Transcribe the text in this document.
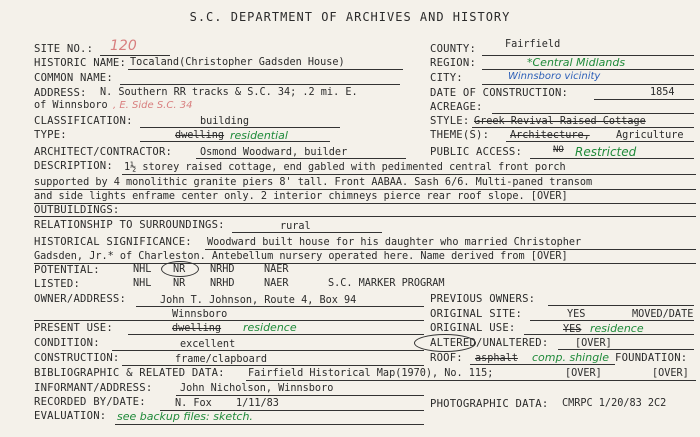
S.C. DEPARTMENT OF ARCHIVES AND HISTORY
SITE NO.: 120
HISTORIC NAME: Tocaland(Christopher Gadsden House)
COMMON NAME:
ADDRESS: N. Southern RR tracks & S.C. 34; .2 mi. E.
of Winnsboro , E. Side S.C. 34
CLASSIFICATION:	building
TYPE:	dwelling residential
ARCHITECT/CONTRACTOR:	Osmond Woodward, builder
DESCRIPTION: 1½ storey raised cottage, end gabled with pedimented central front porch
supported by 4 monolithic granite piers 8' tall. Front AABAA. Sash 6/6. Multi-paned transom
and side lights enframe center only. 2 interior chimneys pierce rear roof slope. [OVER]
OUTBUILDINGS:
RELATIONSHIP TO SURROUNDINGS:	rural
HISTORICAL SIGNIFICANCE: Woodward built house for his daughter who married Christopher
Gadsden, Jr.* of Charleston. Antebellum nursery operated here. Name derived from [OVER]
POTENTIAL:	NHL NR NRHD	NAER
LISTED:	NHL NR NRHD	NAER	S.C. MARKER PROGRAM
OWNER/ADDRESS:	John T. Johnson, Route 4, Box 94
Winnsboro
PRESENT USE:	dwelling residence
CONDITION:	excellent
CONSTRUCTION:	frame/clapboard
BIBLIOGRAPHIC & RELATED DATA: Fairfield Historical Map(1970), No. 115;	[OVER]	[OVER]
INFORMANT/ADDRESS:	John Nicholson, Winnsboro
RECORDED BY/DATE:	N. Fox 1/11/83
EVALUATION: see backup files: sketch.
COUNTY:	Fairfield
REGION:	*Central Midlands
CITY:	Winnsboro vicinity
DATE OF CONSTRUCTION:	1854
ACREAGE:
STYLE: Greek Revival Raised Cottage
THEME(S): Architecture,	Agriculture
PUBLIC ACCESS:	NO Restricted
PREVIOUS OWNERS:
ORIGINAL SITE:	YES	MOVED/DATE
ORIGINAL USE:	YES residence
ALTERED/UNALTERED:	[OVER]
ROOF: asphalt comp. shingle FOUNDATION:
PHOTOGRAPHIC DATA: CMRPC 1/20/83 2C2
